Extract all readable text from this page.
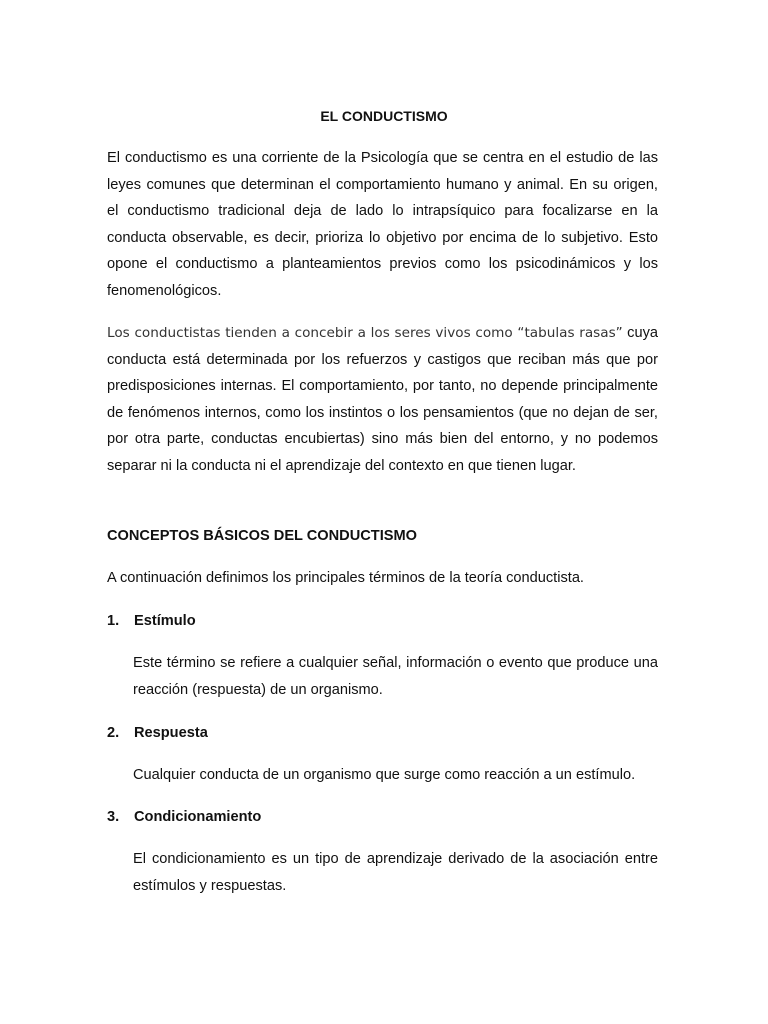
EL CONDUCTISMO

El conductismo es una corriente de la Psicología que se centra en el estudio de las leyes comunes que determinan el comportamiento humano y animal. En su origen, el conductismo tradicional deja de lado lo intrapsíquico para focalizarse en la conducta observable, es decir, prioriza lo objetivo por encima de lo subjetivo. Esto opone el conductismo a planteamientos previos como los psicodinámicos y los fenomenológicos.

Los conductistas tienden a concebir a los seres vivos como “tabulas rasas” cuya conducta está determinada por los refuerzos y castigos que reciban más que por predisposiciones internas. El comportamiento, por tanto, no depende principalmente de fenómenos internos, como los instintos o los pensamientos (que no dejan de ser, por otra parte, conductas encubiertas) sino más bien del entorno, y no podemos separar ni la conducta ni el aprendizaje del contexto en que tienen lugar.

CONCEPTOS BÁSICOS DEL CONDUCTISMO

A continuación definimos los principales términos de la teoría conductista.

1.	Estímulo

Este término se refiere a cualquier señal, información o evento que produce una reacción (respuesta) de un organismo.

2.	Respuesta

Cualquier conducta de un organismo que surge como reacción a un estímulo.

3.	Condicionamiento

El condicionamiento es un tipo de aprendizaje derivado de la asociación entre estímulos y respuestas.
